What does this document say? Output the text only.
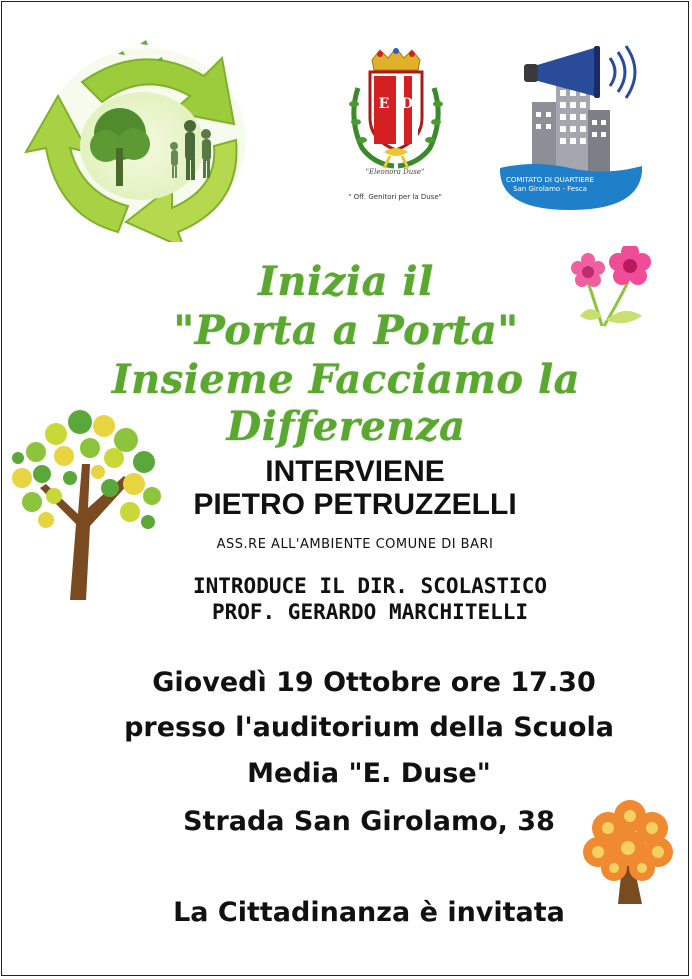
E D
"Eleonora Duse"
" Off. Genitori per la Duse"
COMITATO DI QUARTIERE
San Girolamo - Fesca
Inizia il
"Porta a Porta"
Insieme Facciamo la Differenza
INTERVIENE
PIETRO PETRUZZELLI
ASS.RE ALL'AMBIENTE COMUNE DI BARI
INTRODUCE IL DIR. SCOLASTICO
PROF. GERARDO MARCHITELLI
Giovedì 19 Ottobre ore 17.30
presso l'auditorium della Scuola
Media "E. Duse"
Strada San Girolamo, 38
La Cittadinanza è invitata
